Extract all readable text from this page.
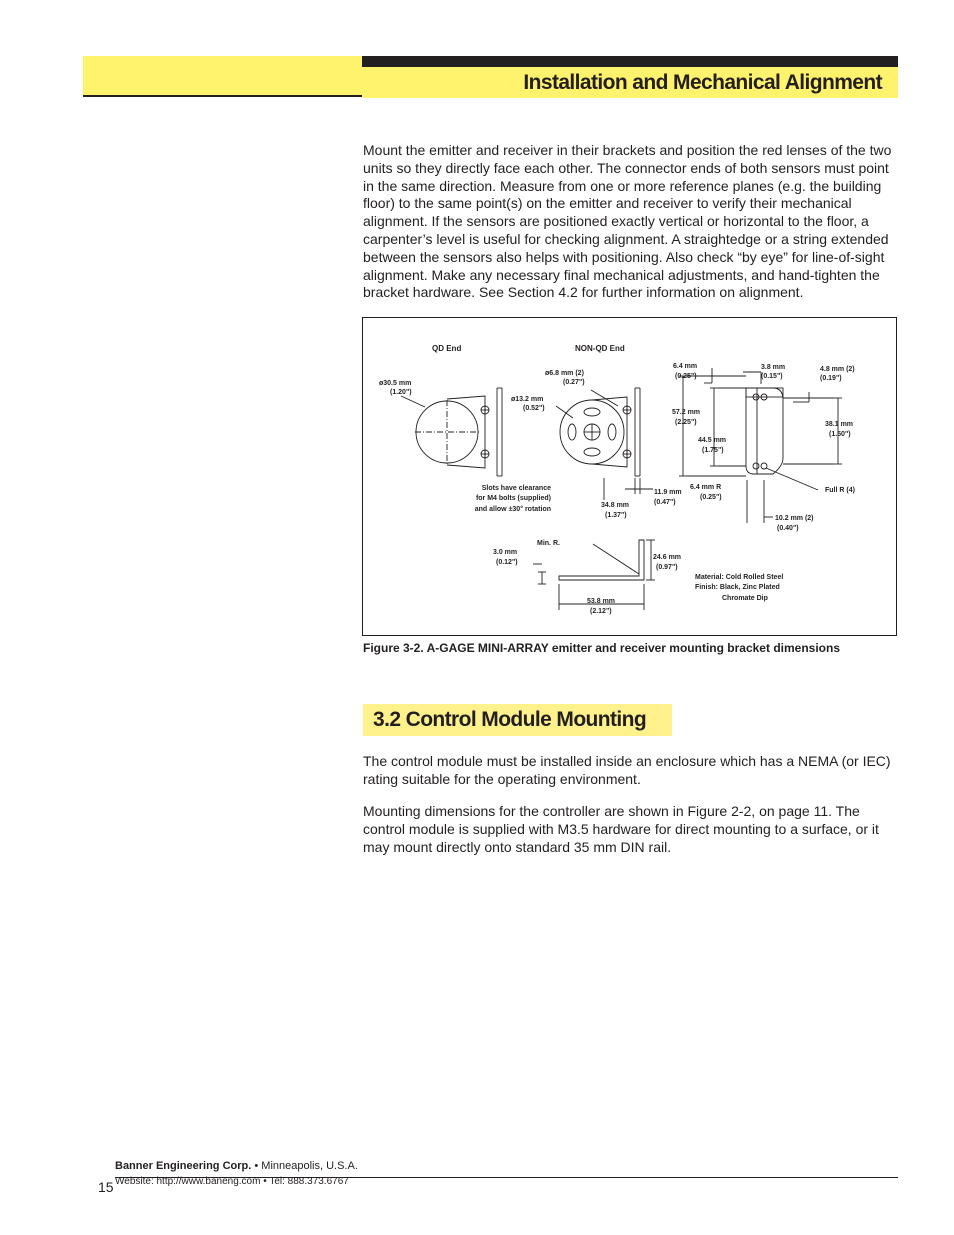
Installation and Mechanical Alignment

Mount the emitter and receiver in their brackets and position the red lenses of the two units so they directly face each other. The connector ends of both sensors must point in the same direction. Measure from one or more reference planes (e.g. the building floor) to the same point(s) on the emitter and receiver to verify their mechanical alignment. If the sensors are positioned exactly vertical or horizontal to the floor, a carpenter’s level is useful for checking alignment. A straightedge or a string extended between the sensors also helps with positioning. Also check “by eye” for line-of-sight alignment. Make any necessary final mechanical adjustments, and hand-tighten the bracket hardware. See Section 4.2 for further information on alignment.

QD End	NON-QD End
ø30.5 mm
(1.20")
ø6.8 mm (2)
(0.27")
ø13.2 mm
(0.52")
Slots have clearance
for M4 bolts (supplied)
and allow ±30° rotation
34.8 mm
(1.37")
11.9 mm
(0.47")
6.4 mm
(0.25")
3.8 mm
(0.15")
4.8 mm (2)
(0.19")
57.2 mm
(2.25")
44.5 mm
(1.75")
38.1 mm
(1.50")
6.4 mm R
(0.25")
Full R (4)
10.2 mm (2)
(0.40")
Min. R.
3.0 mm
(0.12")
24.6 mm
(0.97")
53.8 mm
(2.12")
Material: Cold Rolled Steel
Finish: Black, Zinc Plated
Chromate Dip
Figure 3-2. A-GAGE MINI-ARRAY emitter and receiver mounting bracket dimensions
3.2 Control Module Mounting

The control module must be installed inside an enclosure which has a NEMA (or IEC) rating suitable for the operating environment.

Mounting dimensions for the controller are shown in Figure 2-2, on page 11. The control module is supplied with M3.5 hardware for direct mounting to a surface, or it may mount directly onto standard 35 mm DIN rail.

Banner Engineering Corp. • Minneapolis, U.S.A.
Website: http://www.baneng.com • Tel: 888.373.6767
15
